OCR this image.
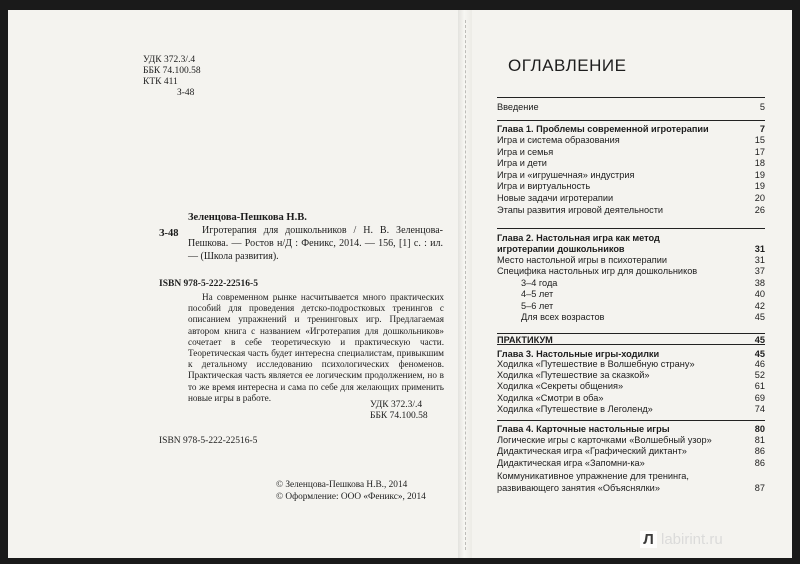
УДК 372.3/.4
ББК 74.100.58
КТК 411
З-48
Зеленцова-Пешкова Н.В.
З-48	Игротерапия для дошкольников / Н. В. Зеленцова-Пешкова. — Ростов н/Д : Феникс, 2014. — 156, [1] с. : ил. — (Школа развития).
ISBN 978-5-222-22516-5

На современном рынке насчитывается много практических пособий для проведения детско-подростковых тренингов с описанием упражнений и тренинговых игр. Предлагаемая автором книга с названием «Игротерапия для дошкольников» сочетает в себе теоретическую и практическую части. Теоретическая часть будет интересна специалистам, привыкшим к детальному исследованию психологических феноменов. Практическая часть является ее логическим продолжением, но в то же время интересна и сама по себе для желающих применить новые игры в работе.

УДК 372.3/.4
ББК 74.100.58
ISBN 978-5-222-22516-5
© Зеленцова-Пешкова Н.В., 2014
© Оформление: ООО «Феникс», 2014
ОГЛАВЛЕНИЕ
Введение	5
Глава 1. Проблемы современной игротерапии	7
Игра и система образования	15
Игра и семья	17
Игра и дети	18
Игра и «игрушечная» индустрия	19
Игра и виртуальность	19
Новые задачи игротерапии	20
Этапы развития игровой деятельности	26
Глава 2. Настольная игра как метод
игротерапии дошкольников	31
Место настольной игры в психотерапии	31
Специфика настольных игр для дошкольников	37
3–4 года	38
4–5 лет	40
5–6 лет	42
Для всех возрастов	45
ПРАКТИКУМ	45
Глава 3. Настольные игры-ходилки	45
Ходилка «Путешествие в Волшебную страну»	46
Ходилка «Путешествие за сказкой»	52
Ходилка «Секреты общения»	61
Ходилка «Смотри в оба»	69
Ходилка «Путешествие в Леголенд»	74
Глава 4. Карточные настольные игры	80
Логические игры с карточками «Волшебный узор»	81
Дидактическая игра «Графический диктант»	86
Дидактическая игра «Запомни-ка»	86
Коммуникативное упражнение для тренинга,
развивающего занятия «Объяснялки»	87
Л labirint.ru
